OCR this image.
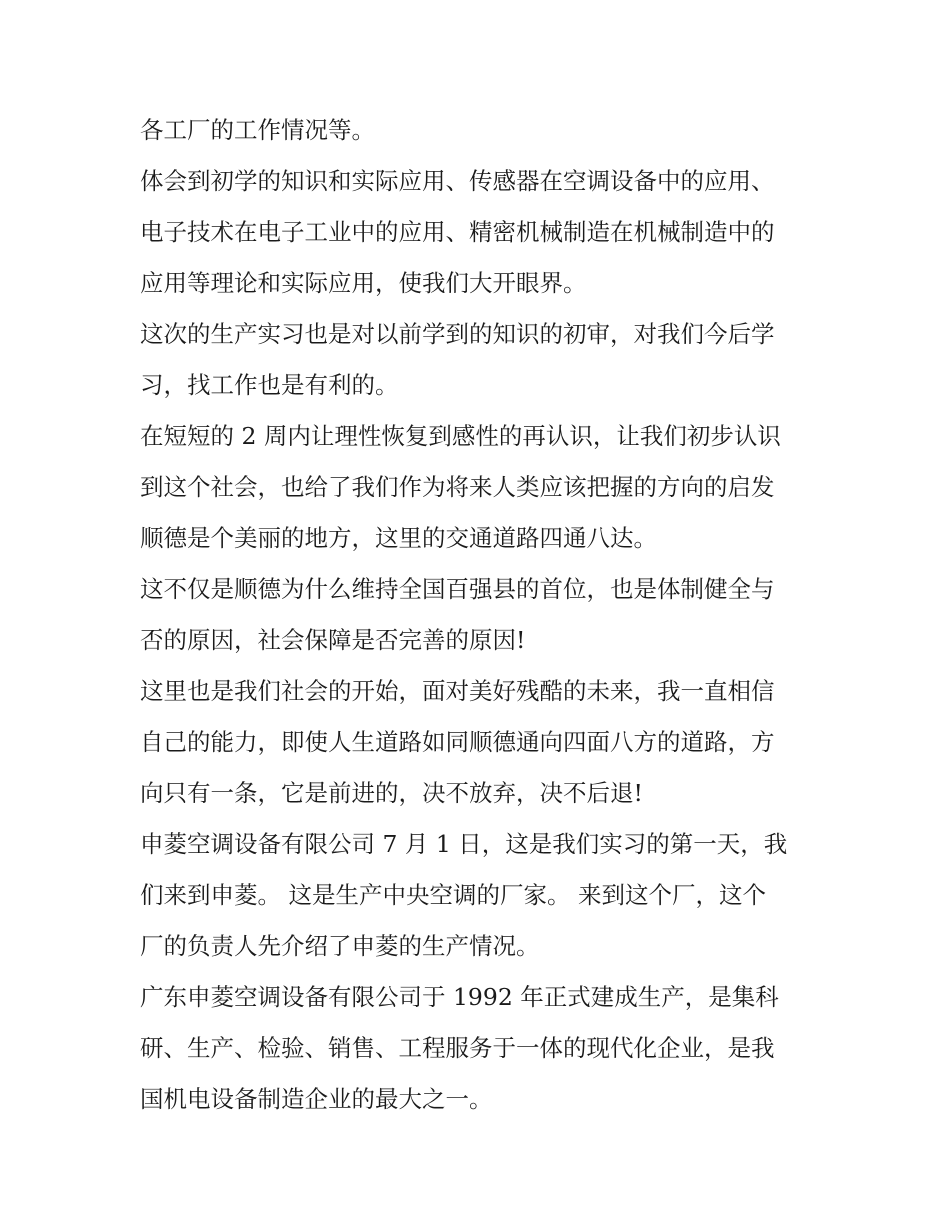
各工厂的工作情况等。
体会到初学的知识和实际应用、传感器在空调设备中的应用、
电子技术在电子工业中的应用、精密机械制造在机械制造中的
应用等理论和实际应用，使我们大开眼界。
这次的生产实习也是对以前学到的知识的初审，对我们今后学
习，找工作也是有利的。
在短短的 2 周内让理性恢复到感性的再认识，让我们初步认识
到这个社会，也给了我们作为将来人类应该把握的方向的启发
顺德是个美丽的地方，这里的交通道路四通八达。
这不仅是顺德为什么维持全国百强县的首位，也是体制健全与
否的原因，社会保障是否完善的原因!
这里也是我们社会的开始，面对美好残酷的未来，我一直相信
自己的能力，即使人生道路如同顺德通向四面八方的道路，方
向只有一条，它是前进的，决不放弃，决不后退!
申菱空调设备有限公司 7 月 1 日，这是我们实习的第一天，我
们来到申菱。 这是生产中央空调的厂家。 来到这个厂，这个
厂的负责人先介绍了申菱的生产情况。
广东申菱空调设备有限公司于 1992 年正式建成生产，是集科
研、生产、检验、销售、工程服务于一体的现代化企业，是我
国机电设备制造企业的最大之一。
